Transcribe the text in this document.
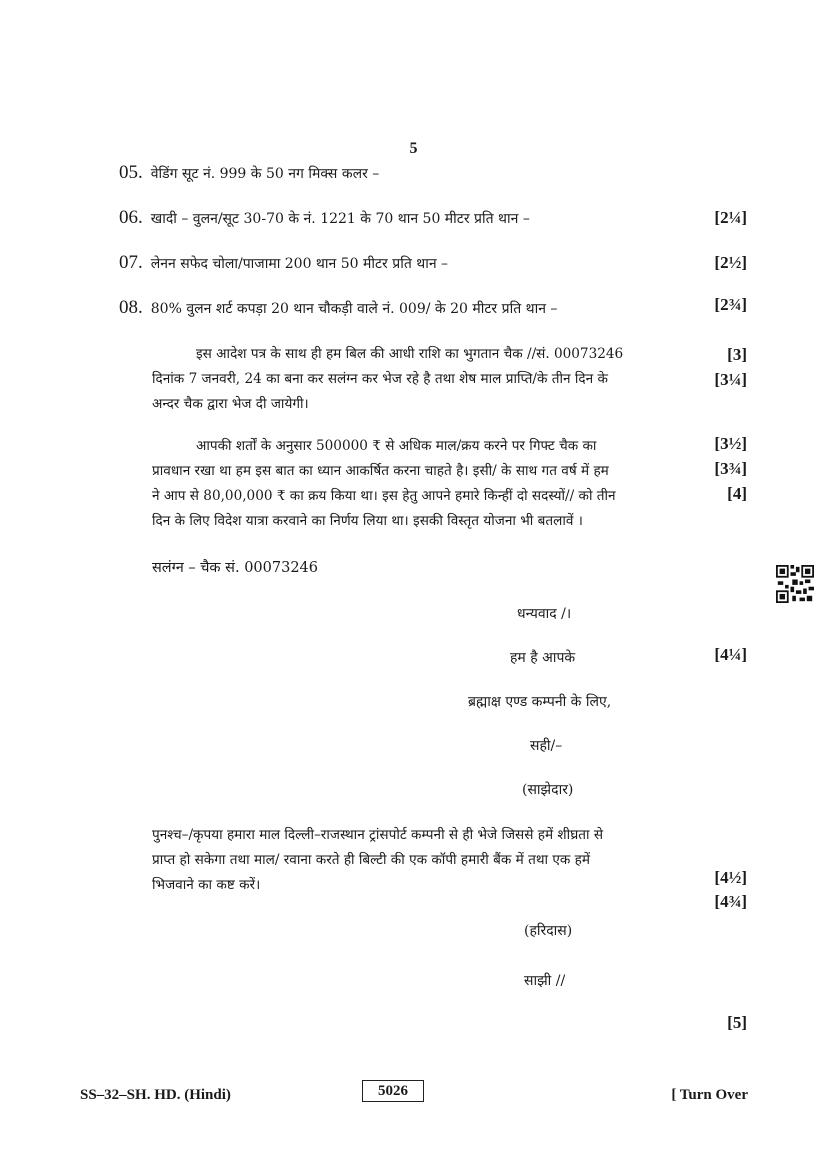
5
05. वेडिंग सूट नं. 999 के 50 नग मिक्स कलर –
06. खादी – वुलन/सूट 30-70 के नं. 1221 के 70 थान 50 मीटर प्रति थान –	[2¼]
07. लेनन सफेद चोला/पाजामा 200 थान 50 मीटर प्रति थान –	[2½]
08. 80% वुलन शर्ट कपड़ा 20 थान चौकड़ी वाले नं. 009/ के 20 मीटर प्रति थान –	[2¾]
इस आदेश पत्र के साथ ही हम बिल की आधी राशि का भुगतान चैक //सं. 00073246
दिनांक 7 जनवरी, 24 का बना कर सलंग्न कर भेज रहे है तथा शेष माल प्राप्ति/के तीन दिन के
अन्दर चैक द्वारा भेज दी जायेगी।
[3]
[3¼]
आपकी शर्तों के अनुसार 500000 ₹ से अधिक माल/क्रय करने पर गिफ्ट चैक का
प्रावधान रखा था हम इस बात का ध्यान आकर्षित करना चाहते है। इसी/ के साथ गत वर्ष में हम
ने आप से 80,00,000 ₹ का क्रय किया था। इस हेतु आपने हमारे किन्हीं दो सदस्यों// को तीन
दिन के लिए विदेश यात्रा करवाने का निर्णय लिया था। इसकी विस्तृत योजना भी बतलावें ।
[3½]
[3¾]
[4]
सलंग्न – चैक सं. 00073246
धन्यवाद /।
हम है आपके	[4¼]
ब्रह्माक्ष एण्ड कम्पनी के लिए,
सही/–
(साझेदार)
पुनश्च–/कृपया हमारा माल दिल्ली–राजस्थान ट्रांसपोर्ट कम्पनी से ही भेजे जिससे हमें शीघ्रता से
प्राप्त हो सकेगा तथा माल/ रवाना करते ही बिल्टी की एक कॉपी हमारी बैंक में तथा एक हमें
भिजवाने का कष्ट करें।	[4½]
[4¾]
(हरिदास)
साझी //
[5]
SS–32–SH. HD. (Hindi)	5026	[ Turn Over
